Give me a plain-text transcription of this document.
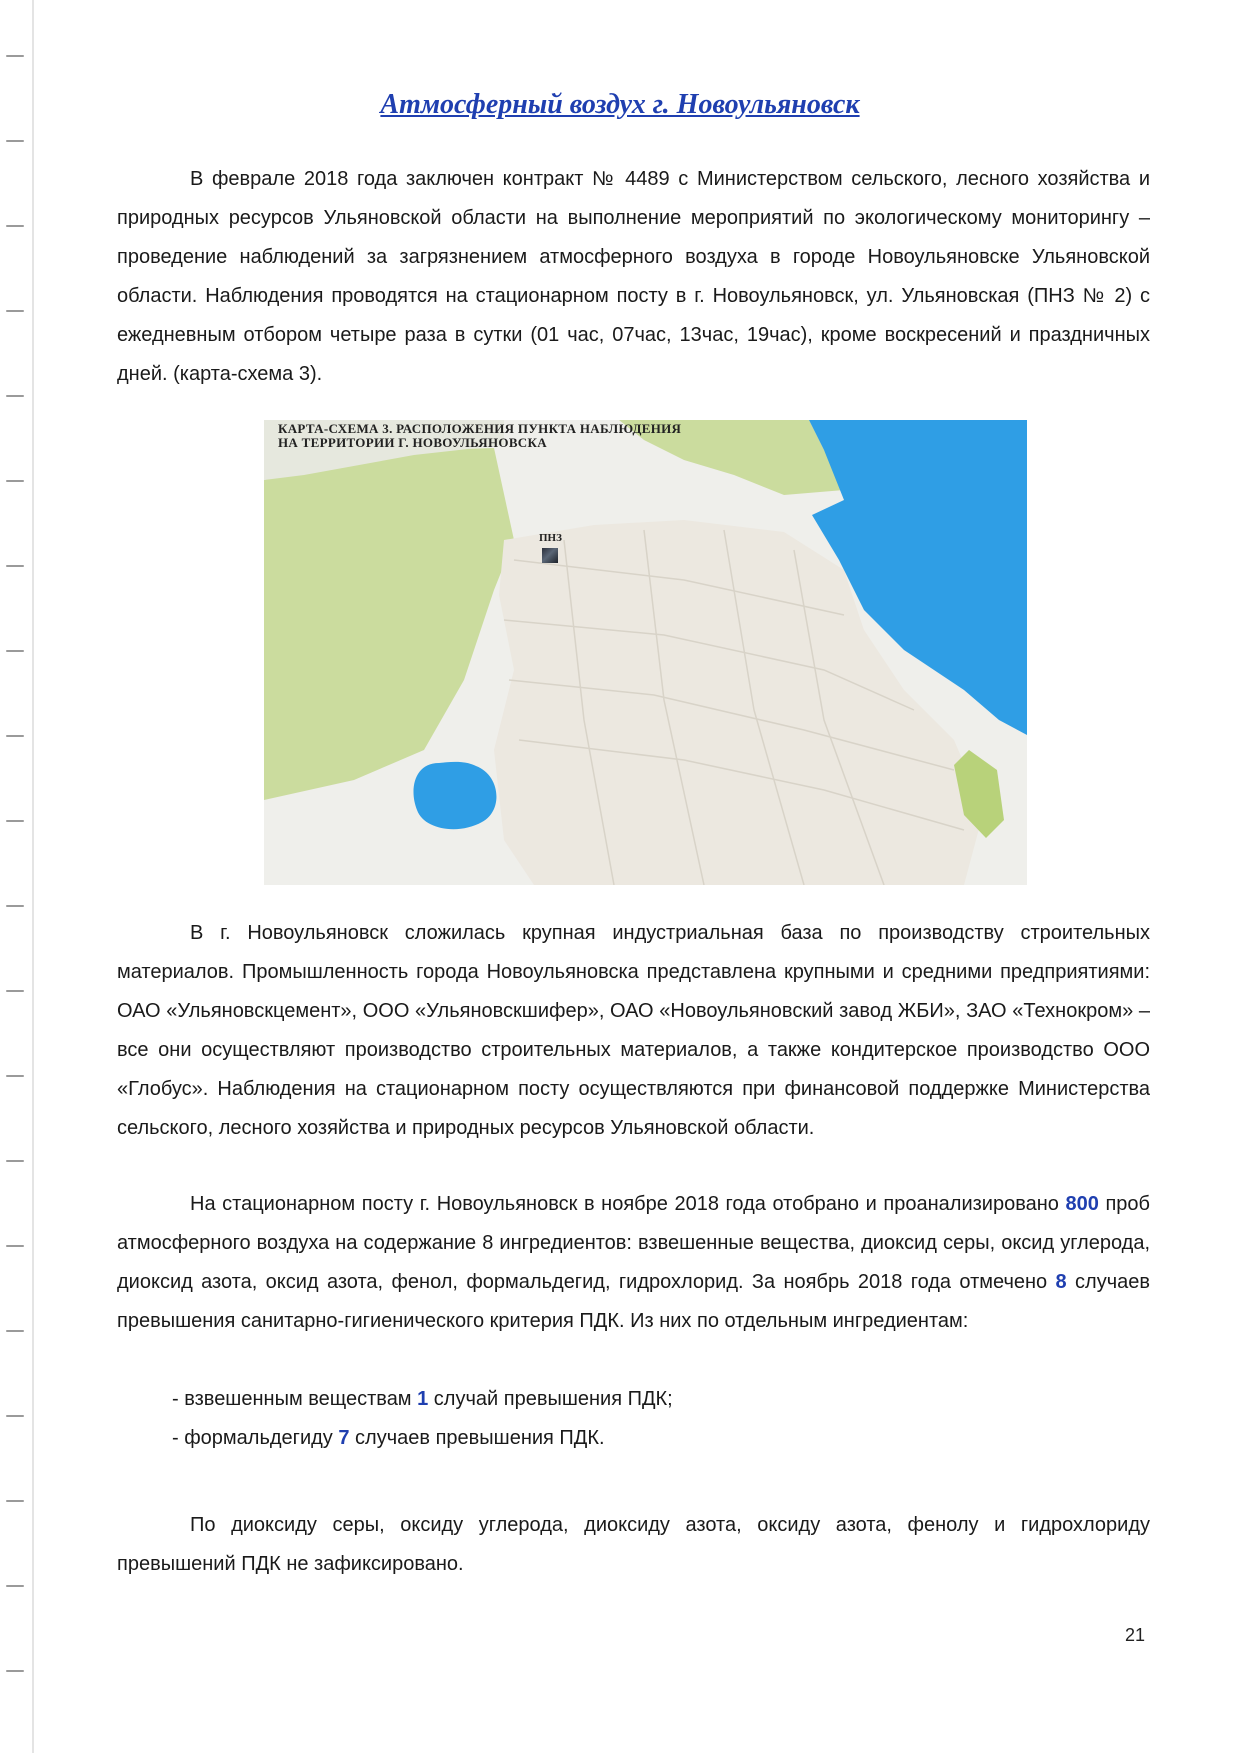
Атмосферный воздух г. Новоульяновск

В феврале 2018 года заключен контракт № 4489 с Министерством сельского, лесного хозяйства и природных ресурсов Ульяновской области на выполнение мероприятий по экологическому мониторингу – проведение наблюдений за загрязнением атмосферного воздуха в городе Новоульяновске Ульяновской области. Наблюдения проводятся на стационарном посту в г. Новоульяновск, ул. Ульяновская (ПНЗ № 2) с ежедневным отбором четыре раза в сутки (01 час, 07час, 13час, 19час), кроме воскресений и праздничных дней. (карта-схема 3).

КАРТА-СХЕМА 3. РАСПОЛОЖЕНИЯ ПУНКТА НАБЛЮДЕНИЯ
НА ТЕРРИТОРИИ Г. НОВОУЛЬЯНОВСКА

ПНЗ

В г. Новоульяновск сложилась крупная индустриальная база по производству строительных материалов. Промышленность города Новоульяновска представлена крупными и средними предприятиями: ОАО «Ульяновскцемент», ООО «Ульяновскшифер», ОАО «Новоульяновский завод ЖБИ», ЗАО «Технокром» – все они осуществляют производство строительных материалов, а также кондитерское производство ООО «Глобус». Наблюдения на стационарном посту осуществляются при финансовой поддержке Министерства сельского, лесного хозяйства и природных ресурсов Ульяновской области.

На стационарном посту г. Новоульяновск в ноябре 2018 года отобрано и проанализировано 800 проб атмосферного воздуха на содержание 8 ингредиентов: взвешенные вещества, диоксид серы, оксид углерода, диоксид азота, оксид азота, фенол, формальдегид, гидрохлорид. За ноябрь 2018 года отмечено 8 случаев превышения санитарно-гигиенического критерия ПДК. Из них по отдельным ингредиентам:

- взвешенным веществам 1 случай превышения ПДК;

- формальдегиду 7 случаев превышения ПДК.

По диоксиду серы, оксиду углерода, диоксиду азота, оксиду азота, фенолу и гидрохлориду превышений ПДК не зафиксировано.

21
